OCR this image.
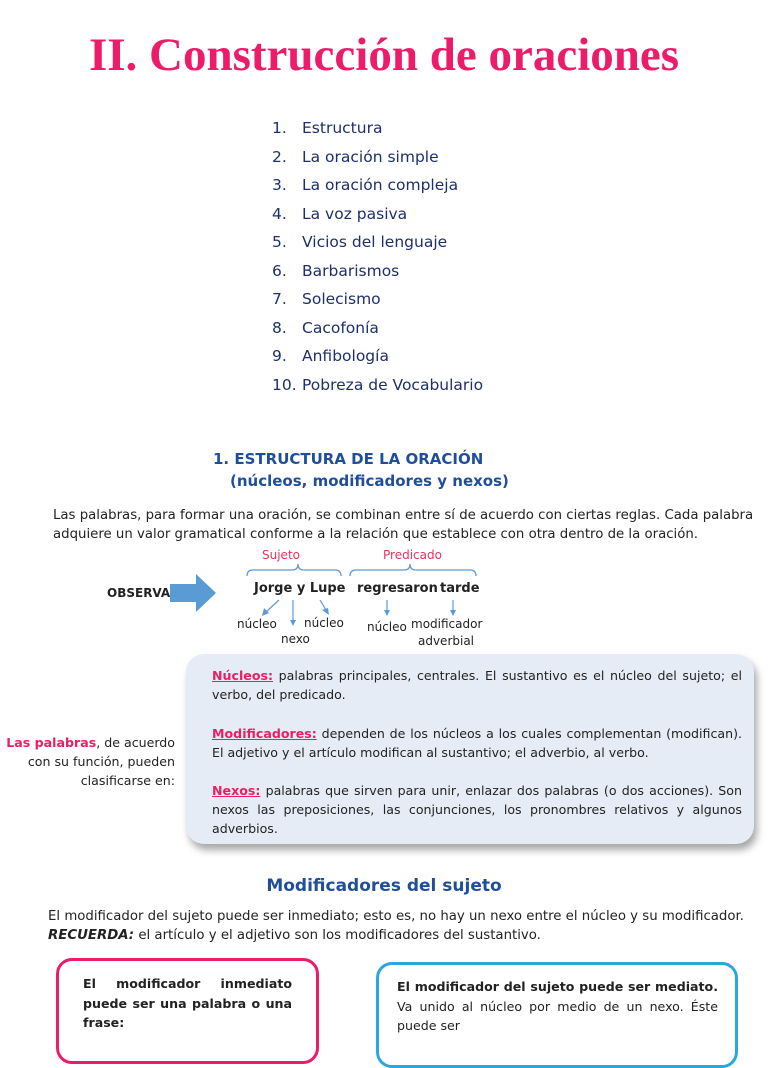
II. Construcción de oraciones
1. Estructura
2. La oración simple
3. La oración compleja
4. La voz pasiva
5. Vicios del lenguaje
6. Barbarismos
7. Solecismo
8. Cacofonía
9. Anfibología
10. Pobreza de Vocabulario
1. ESTRUCTURA DE LA ORACIÓN
(núcleos, modificadores y nexos)
Las palabras, para formar una oración, se combinan entre sí de acuerdo con ciertas reglas. Cada palabra
adquiere un valor gramatical conforme a la relación que establece con otra dentro de la oración.
OBSERVA
Sujeto	Predicado
Jorge y Lupe regresaron tarde
núcleo
nexo
núcleo núcleo modificador
adverbial
Las palabras, de acuerdo
con su función, pueden
clasificarse en:

Núcleos: palabras principales, centrales. El sustantivo es el núcleo del sujeto; el verbo, del predicado.

Modificadores: dependen de los núcleos a los cuales complementan (modifican). El adjetivo y el artículo modifican al sustantivo; el adverbio, al verbo.

Nexos: palabras que sirven para unir, enlazar dos palabras (o dos acciones). Son nexos las preposiciones, las conjunciones, los pronombres relativos y algunos adverbios.

Modificadores del sujeto
El modificador del sujeto puede ser inmediato; esto es, no hay un nexo entre el núcleo y su modificador.
RECUERDA: el artículo y el adjetivo son los modificadores del sustantivo.

El modificador inmediato puede ser una palabra o una frase:

El modificador del sujeto puede ser mediato. Va unido al núcleo por medio de un nexo. Éste puede ser
